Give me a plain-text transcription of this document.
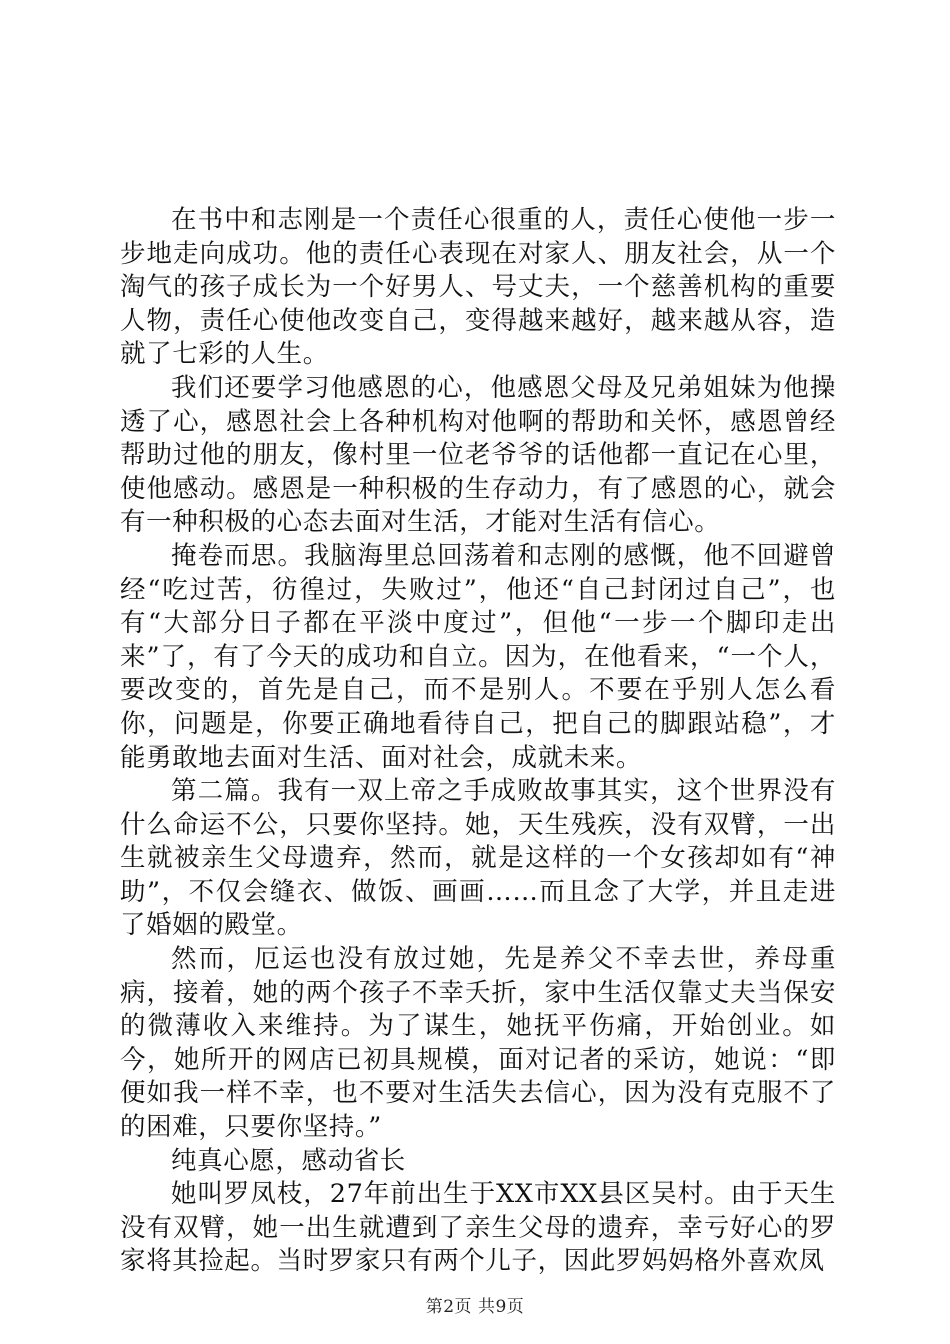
在书中和志刚是一个责任心很重的人，责任心使他一步一步地走向成功。他的责任心表现在对家人、朋友社会，从一个淘气的孩子成长为一个好男人、号丈夫，一个慈善机构的重要人物，责任心使他改变自己，变得越来越好，越来越从容，造就了七彩的人生。

我们还要学习他感恩的心，他感恩父母及兄弟姐妹为他操透了心，感恩社会上各种机构对他啊的帮助和关怀，感恩曾经帮助过他的朋友，像村里一位老爷爷的话他都一直记在心里，使他感动。感恩是一种积极的生存动力，有了感恩的心，就会有一种积极的心态去面对生活，才能对生活有信心。

掩卷而思。我脑海里总回荡着和志刚的感慨，他不回避曾经“吃过苦，彷徨过，失败过”，他还“自己封闭过自己”，也有“大部分日子都在平淡中度过”，但他“一步一个脚印走出来”了，有了今天的成功和自立。因为，在他看来，“一个人，要改变的，首先是自己，而不是别人。不要在乎别人怎么看你，问题是，你要正确地看待自己，把自己的脚跟站稳”，才能勇敢地去面对生活、面对社会，成就未来。

第二篇。我有一双上帝之手成败故事其实，这个世界没有什么命运不公，只要你坚持。她，天生残疾，没有双臂，一出生就被亲生父母遗弃，然而，就是这样的一个女孩却如有“神助”，不仅会缝衣、做饭、画画……而且念了大学，并且走进了婚姻的殿堂。

然而，厄运也没有放过她，先是养父不幸去世，养母重病，接着，她的两个孩子不幸夭折，家中生活仅靠丈夫当保安的微薄收入来维持。为了谋生，她抚平伤痛，开始创业。如今，她所开的网店已初具规模，面对记者的采访，她说：“即便如我一样不幸，也不要对生活失去信心，因为没有克服不了的困难，只要你坚持。”

纯真心愿，感动省长

她叫罗凤枝，27年前出生于XX市XX县区吴村。由于天生没有双臂，她一出生就遭到了亲生父母的遗弃，幸亏好心的罗家将其捡起。当时罗家只有两个儿子，因此罗妈妈格外喜欢凤

第2页 共9页
